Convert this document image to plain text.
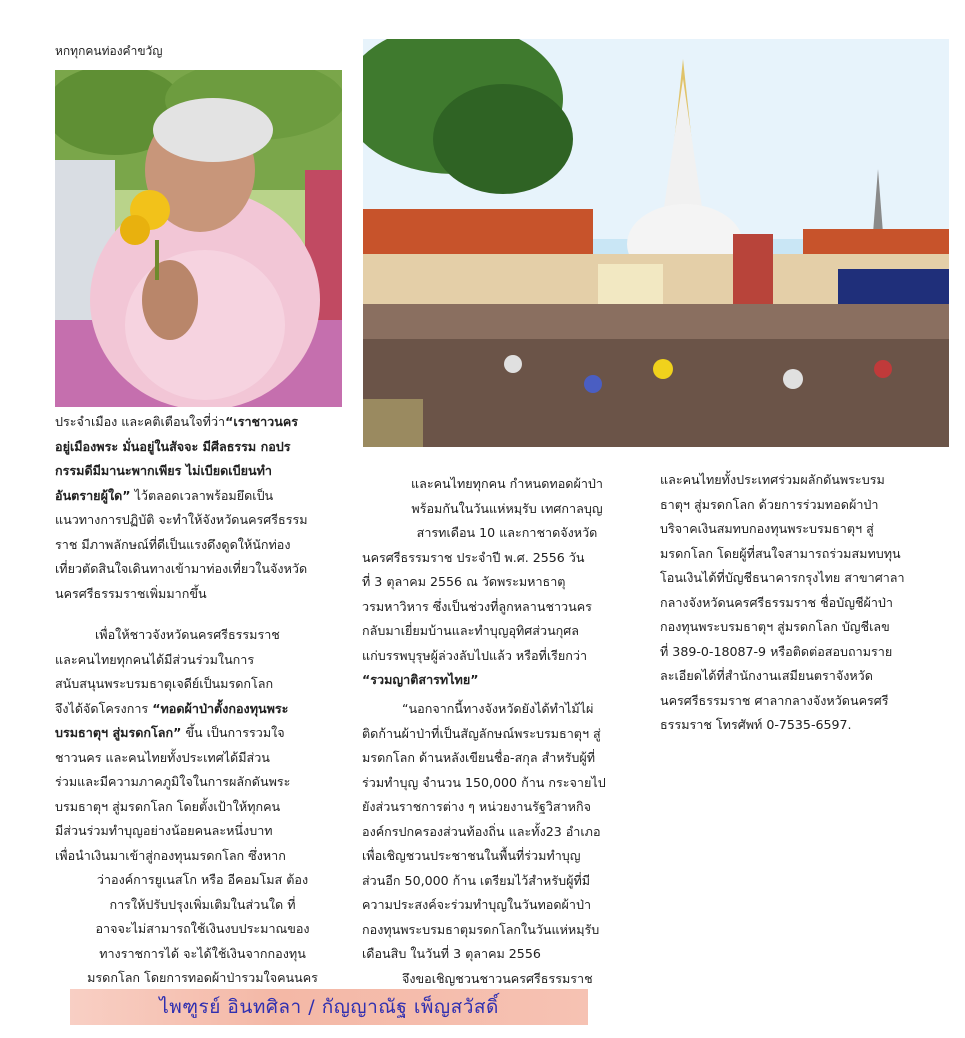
หกทุกคนท่องคำขวัญ

ประจำเมือง และคติเตือนใจที่ว่า“เราชาวนคร

อยู่เมืองพระ มั่นอยู่ในสัจจะ มีศีลธรรม กอปร

กรรมดีมีมานะพากเพียร ไม่เบียดเบียนทำ

อันตรายผู้ใด” ไว้ตลอดเวลาพร้อมยึดเป็น

แนวทางการปฏิบัติ จะทำให้จังหวัดนครศรีธรรม

ราช มีภาพลักษณ์ที่ดีเป็นแรงดึงดูดให้นักท่อง

เที่ยวตัดสินใจเดินทางเข้ามาท่องเที่ยวในจังหวัด

นครศรีธรรมราชเพิ่มมากขึ้น

เพื่อให้ชาวจังหวัดนครศรีธรรมราช

และคนไทยทุกคนได้มีส่วนร่วมในการ

สนับสนุนพระบรมธาตุเจดีย์เป็นมรดกโลก

จึงได้จัดโครงการ “ทอดผ้าป่าตั้งกองทุนพระ

บรมธาตุฯ สู่มรดกโลก” ขึ้น เป็นการรวมใจ

ชาวนคร และคนไทยทั้งประเทศได้มีส่วน

ร่วมและมีความภาคภูมิใจในการผลักดันพระ

บรมธาตุฯ สู่มรดกโลก โดยตั้งเป้าให้ทุกคน

มีส่วนร่วมทำบุญอย่างน้อยคนละหนึ่งบาท

เพื่อนำเงินมาเข้าสู่กองทุนมรดกโลก ซึ่งหาก

ว่าองค์การยูเนสโก หรือ อีคอมโมส ต้อง

การให้ปรับปรุงเพิ่มเติมในส่วนใด ที่

อาจจะไม่สามารถใช้เงินงบประมาณของ

ทางราชการได้ จะได้ใช้เงินจากกองทุน

มรดกโลก โดยการทอดผ้าป่ารวมใจคนนคร

และคนไทยทุกคน กำหนดทอดผ้าป่า

พร้อมกันในวันแห่หมฺรับ เทศกาลบุญ

สารทเดือน 10 และกาชาดจังหวัด

นครศรีธรรมราช ประจำปี พ.ศ. 2556 วัน

ที่ 3 ตุลาคม 2556 ณ วัดพระมหาธาตุ

วรมหาวิหาร ซึ่งเป็นช่วงที่ลูกหลานชาวนคร

กลับมาเยี่ยมบ้านและทำบุญอุทิศส่วนกุศล

แก่บรรพบุรุษผู้ล่วงลับไปแล้ว หรือที่เรียกว่า

“รวมญาติสารทไทย”

“นอกจากนี้ทางจังหวัดยังได้ทำไม้ไผ่

ติดก้านผ้าป่าที่เป็นสัญลักษณ์พระบรมธาตุฯ สู่

มรดกโลก ด้านหลังเขียนชื่อ-สกุล สำหรับผู้ที่

ร่วมทำบุญ จำนวน 150,000 ก้าน กระจายไป

ยังส่วนราชการต่าง ๆ หน่วยงานรัฐวิสาหกิจ

องค์กรปกครองส่วนท้องถิ่น และทั้ง23 อำเภอ

เพื่อเชิญชวนประชาชนในพื้นที่ร่วมทำบุญ

ส่วนอีก 50,000 ก้าน เตรียมไว้สำหรับผู้ที่มี

ความประสงค์จะร่วมทำบุญในวันทอดผ้าป่า

กองทุนพระบรมธาตุมรดกโลกในวันแห่หมฺรับ

เดือนสิบ ในวันที่ 3 ตุลาคม 2556

จึงขอเชิญชวนชาวนครศรีธรรมราช

และคนไทยทั้งประเทศร่วมผลักดันพระบรม

ธาตุฯ สู่มรดกโลก ด้วยการร่วมทอดผ้าป่า

บริจาคเงินสมทบกองทุนพระบรมธาตุฯ สู่

มรดกโลก โดยผู้ที่สนใจสามารถร่วมสมทบทุน

โอนเงินได้ที่บัญชีธนาคารกรุงไทย สาขาศาลา

กลางจังหวัดนครศรีธรรมราช ชื่อบัญชีผ้าป่า

กองทุนพระบรมธาตุฯ สู่มรดกโลก บัญชีเลข

ที่ 389-0-18087-9 หรือติดต่อสอบถามราย

ละเอียดได้ที่สำนักงานเสมียนตราจังหวัด

นครศรีธรรมราช ศาลากลางจังหวัดนครศรี

ธรรมราช โทรศัพท์ 0-7535-6597.

ไพฑูรย์ อินทศิลา / กัญญาณัฐ เพ็ญสวัสดิ์
